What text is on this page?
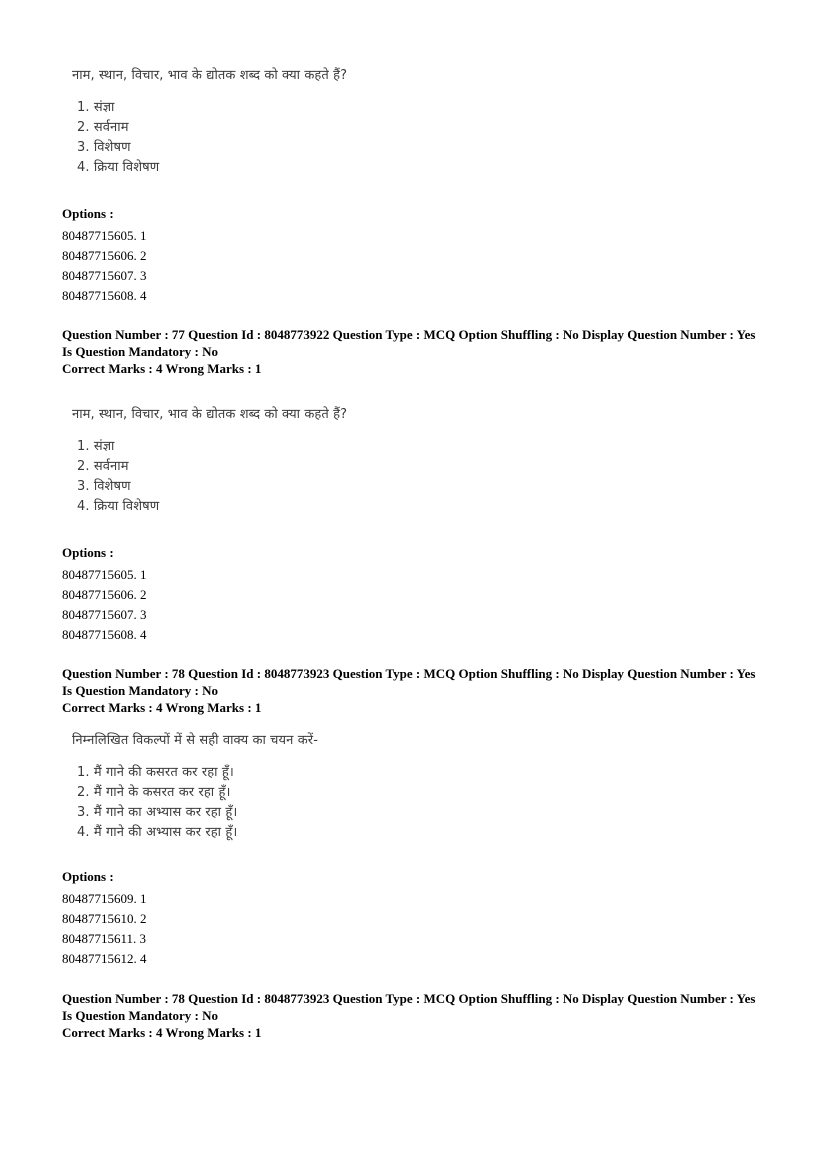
नाम, स्थान, विचार, भाव के द्योतक शब्द को क्या कहते हैं?

1. संज्ञा
2. सर्वनाम
3. विशेषण
4. क्रिया विशेषण

Options :

80487715605. 1

80487715606. 2

80487715607. 3

80487715608. 4

Question Number : 77 Question Id : 8048773922 Question Type : MCQ Option Shuffling : No Display Question Number : Yes

Is Question Mandatory : No

Correct Marks : 4 Wrong Marks : 1

नाम, स्थान, विचार, भाव के द्योतक शब्द को क्या कहते हैं?

1. संज्ञा
2. सर्वनाम
3. विशेषण
4. क्रिया विशेषण

Options :

80487715605. 1

80487715606. 2

80487715607. 3

80487715608. 4

Question Number : 78 Question Id : 8048773923 Question Type : MCQ Option Shuffling : No Display Question Number : Yes

Is Question Mandatory : No

Correct Marks : 4 Wrong Marks : 1

निम्नलिखित विकल्पों में से सही वाक्य का चयन करें-

1. मैं गाने की कसरत कर रहा हूँ।
2. मैं गाने के कसरत कर रहा हूँ।
3. मैं गाने का अभ्यास कर रहा हूँ।
4. मैं गाने की अभ्यास कर रहा हूँ।

Options :

80487715609. 1

80487715610. 2

80487715611. 3

80487715612. 4

Question Number : 78 Question Id : 8048773923 Question Type : MCQ Option Shuffling : No Display Question Number : Yes

Is Question Mandatory : No

Correct Marks : 4 Wrong Marks : 1
